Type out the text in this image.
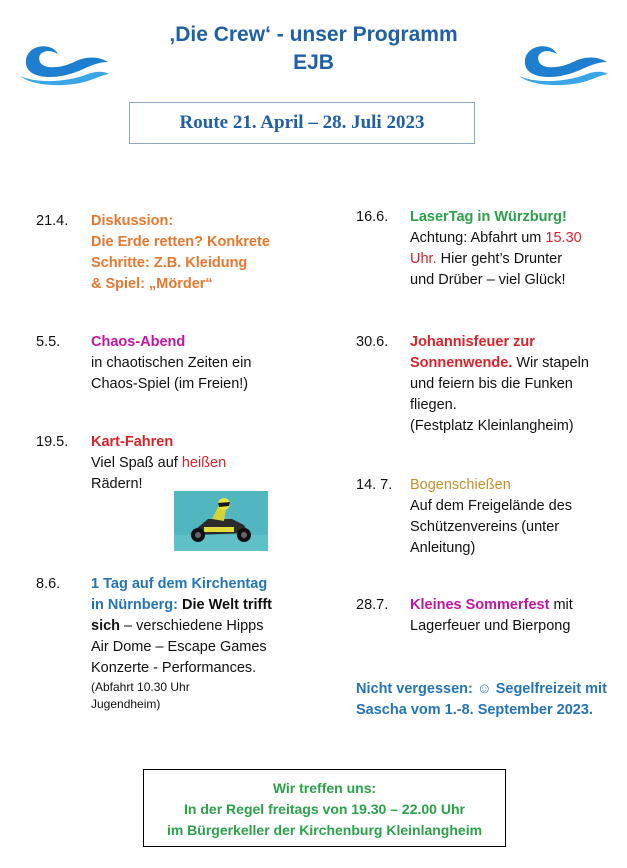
‚Die Crew‘ - unser Programm
EJB
Route 21. April – 28. Juli 2023
21.4. Diskussion:
Die Erde retten? Konkrete
Schritte: Z.B. Kleidung
& Spiel: „Mörder“
5.5. Chaos-Abend
in chaotischen Zeiten ein
Chaos-Spiel (im Freien!)
19.5. Kart-Fahren
Viel Spaß auf heißen
Rädern!
8.6. 1 Tag auf dem Kirchentag
in Nürnberg: Die Welt trifft
sich – verschiedene Hipps
Air Dome – Escape Games
Konzerte - Performances.
(Abfahrt 10.30 Uhr
Jugendheim)
16.6. LaserTag in Würzburg!
Achtung: Abfahrt um 15.30
Uhr. Hier geht’s Drunter
und Drüber – viel Glück!
30.6. Johannisfeuer zur
Sonnenwende. Wir stapeln
und feiern bis die Funken
fliegen.
(Festplatz Kleinlangheim)
14. 7. Bogenschießen
Auf dem Freigelände des
Schützenvereins (unter
Anleitung)
28.7. Kleines Sommerfest mit
Lagerfeuer und Bierpong
Nicht vergessen: ☺ Segelfreizeit mit
Sascha vom 1.-8. September 2023.
Wir treffen uns:
In der Regel freitags von 19.30 – 22.00 Uhr
im Bürgerkeller der Kirchenburg Kleinlangheim
